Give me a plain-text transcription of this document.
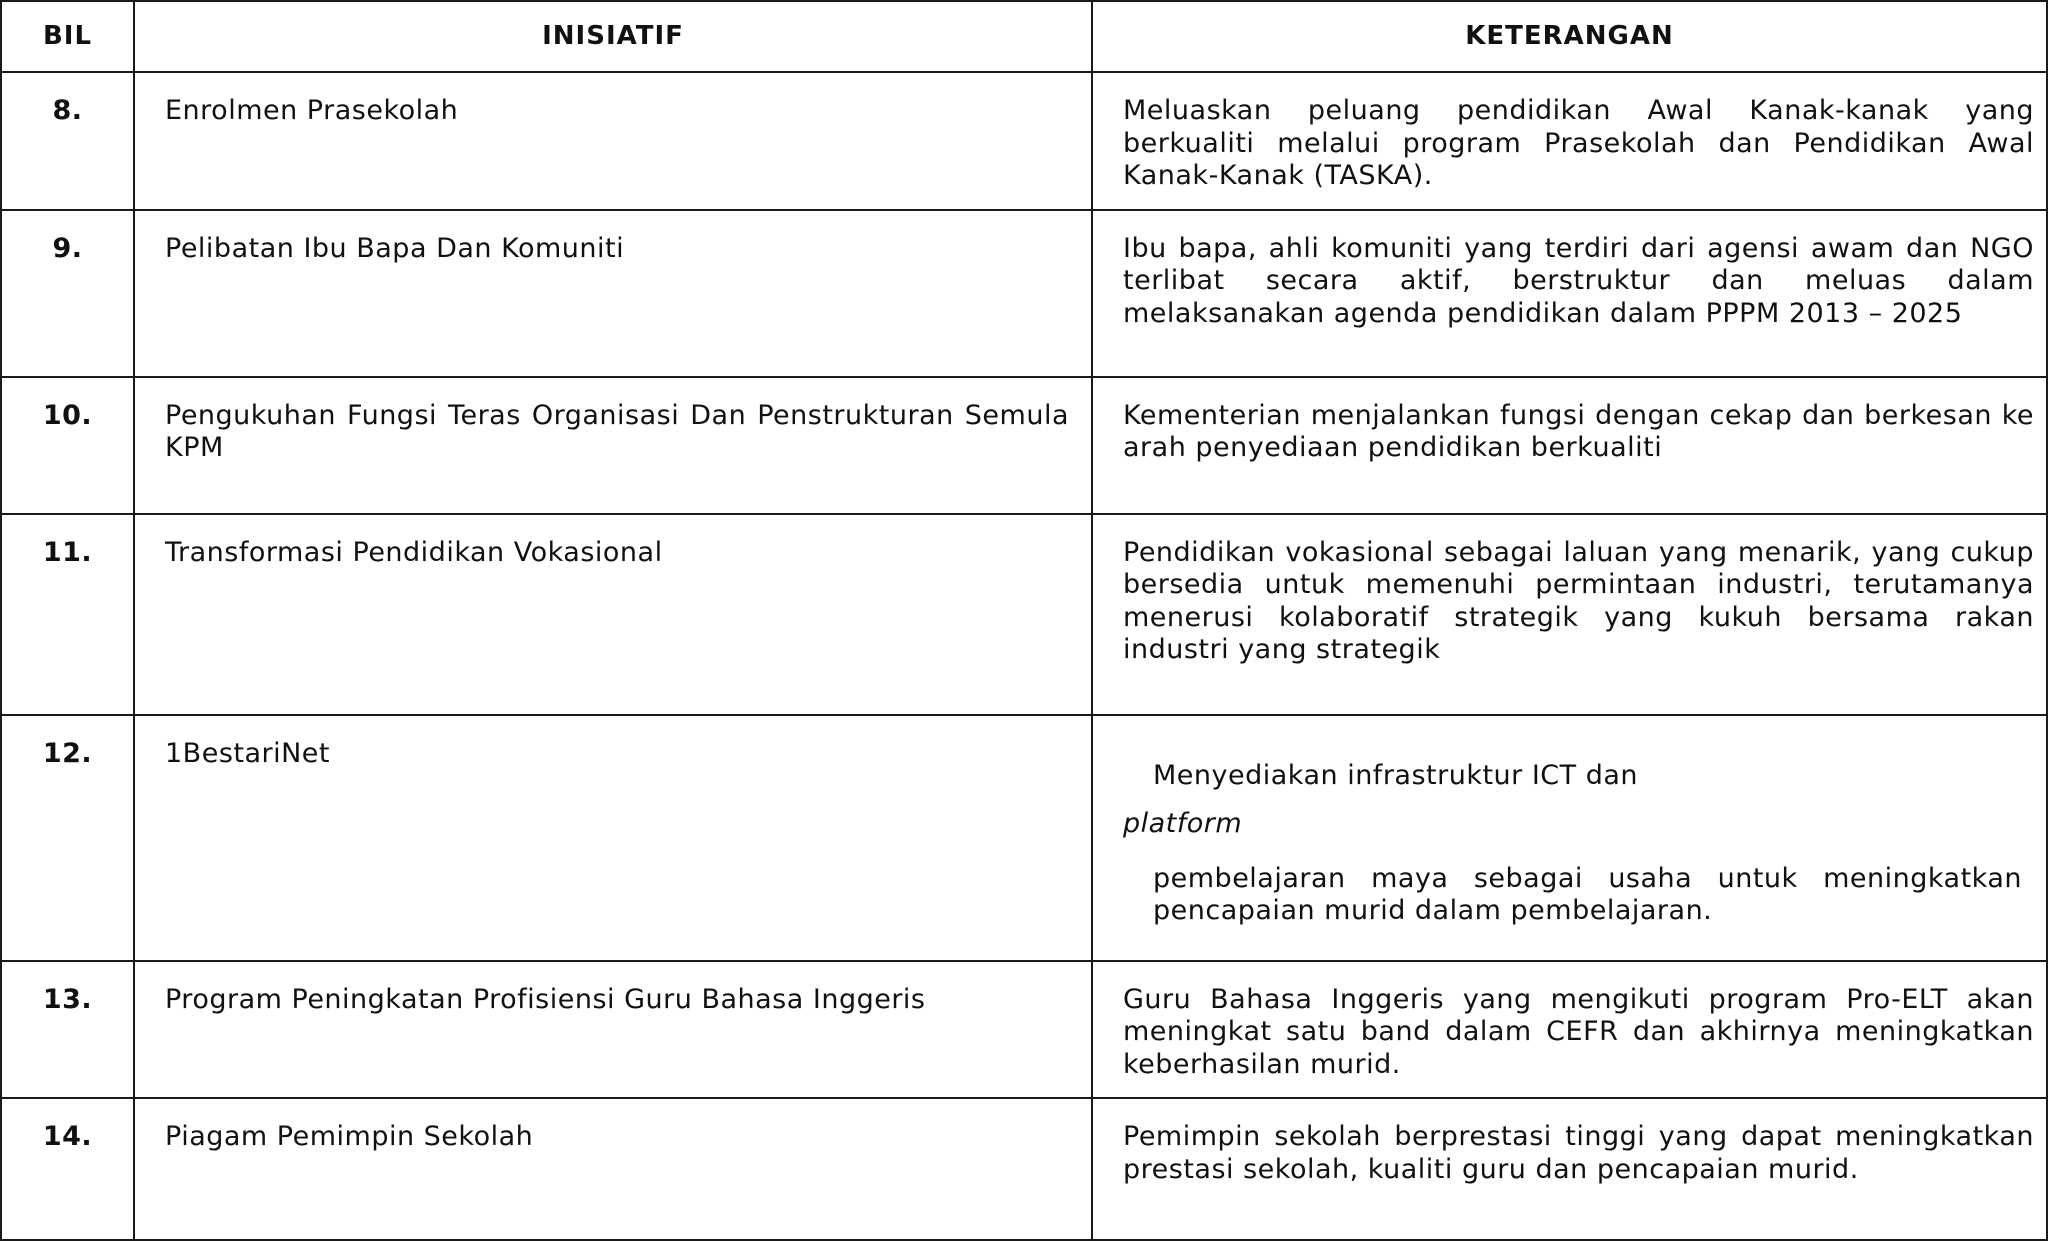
BIL	INISIATIF	KETERANGAN

8.	Enrolmen Prasekolah	Meluaskan peluang pendidikan Awal Kanak-kanak yang berkualiti melalui program Prasekolah dan Pendidikan Awal Kanak-Kanak (TASKA).

9.	Pelibatan Ibu Bapa Dan Komuniti	Ibu bapa, ahli komuniti yang terdiri dari agensi awam dan NGO terlibat secara aktif, berstruktur dan meluas dalam melaksanakan agenda pendidikan dalam PPPM 2013 – 2025

10.	Pengukuhan Fungsi Teras Organisasi Dan Penstrukturan Semula KPM	Kementerian menjalankan fungsi dengan cekap dan berkesan ke arah penyediaan pendidikan berkualiti

11.	Transformasi Pendidikan Vokasional	Pendidikan vokasional sebagai laluan yang menarik, yang cukup bersedia untuk memenuhi permintaan industri, terutamanya menerusi kolaboratif strategik yang kukuh bersama rakan industri yang strategik

12.	1BestariNet	Menyediakan infrastruktur ICT dan
platform
pembelajaran maya sebagai usaha untuk meningkatkan pencapaian murid dalam pembelajaran.

13.	Program Peningkatan Profisiensi Guru Bahasa Inggeris	Guru Bahasa Inggeris yang mengikuti program Pro-ELT akan meningkat satu band dalam CEFR dan akhirnya meningkatkan keberhasilan murid.

14.	Piagam Pemimpin Sekolah	Pemimpin sekolah berprestasi tinggi yang dapat meningkatkan prestasi sekolah, kualiti guru dan pencapaian murid.
